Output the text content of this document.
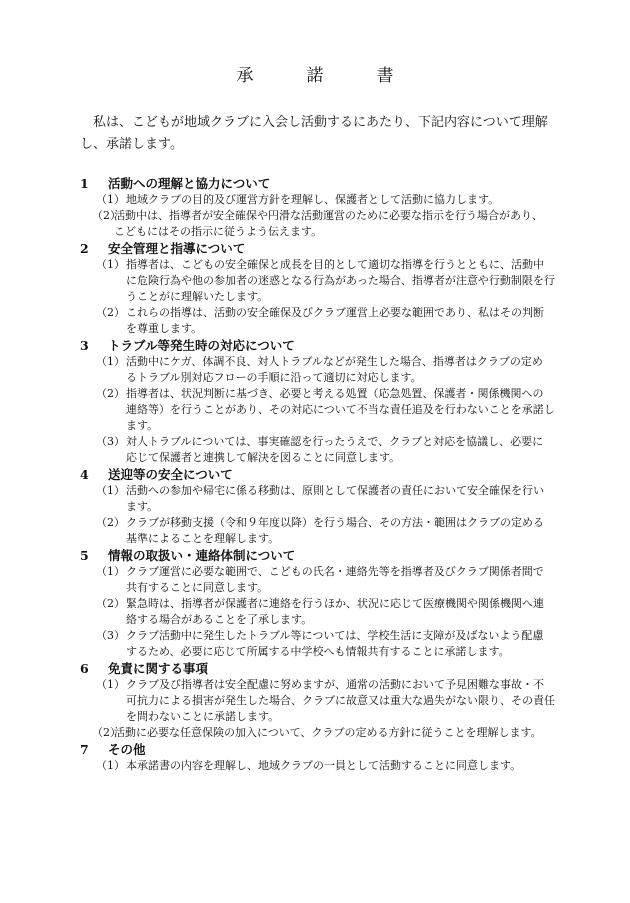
承　諾　書
私は、こどもが地域クラブに入会し活動するにあたり、下記内容について理解し、承諾します。
1	活動への理解と協力について
（1） 地域クラブの目的及び運営方針を理解し、保護者として活動に協力します。
（2）
活動中は、指導者が安全確保や円滑な活動運営のために必要な指示を行う場合があり、
こどもにはその指示に従うよう伝えます。
2	安全管理と指導について
（1） 指導者は、こどもの安全確保と成長を目的として適切な指導を行うとともに、活動中
に危険行為や他の参加者の迷惑となる行為があった場合、指導者が注意や行動制限を行
うことがに理解いたします。
（2） これらの指導は、活動の安全確保及びクラブ運営上必要な範囲であり、私はその判断
を尊重します。
3	トラブル等発生時の対応について
（1） 活動中にケガ、体調不良、対人トラブルなどが発生した場合、指導者はクラブの定め
るトラブル別対応フローの手順に沿って適切に対応します。
（2） 指導者は、状況判断に基づき、必要と考える処置（応急処置、保護者・関係機関への
連絡等）を行うことがあり、その対応について不当な責任追及を行わないことを承諾し
ます。
（3） 対人トラブルについては、事実確認を行ったうえで、クラブと対応を協議し、必要に
応じて保護者と連携して解決を図ることに同意します。
4	送迎等の安全について
（1） 活動への参加や帰宅に係る移動は、原則として保護者の責任において安全確保を行い
ます。
（2） クラブが移動支援（令和９年度以降）を行う場合、その方法・範囲はクラブの定める
基準によることを理解します。
5	情報の取扱い・連絡体制について
（1） クラブ運営に必要な範囲で、こどもの氏名・連絡先等を指導者及びクラブ関係者間で
共有することに同意します。
（2） 緊急時は、指導者が保護者に連絡を行うほか、状況に応じて医療機関や関係機関へ連
絡する場合があることを了承します。
（3） クラブ活動中に発生したトラブル等については、学校生活に支障が及ばないよう配慮
するため、必要に応じて所属する中学校へも情報共有することに承諾します。
6	免責に関する事項
（1） クラブ及び指導者は安全配慮に努めますが、通常の活動において予見困難な事故・不
可抗力による損害が発生した場合、クラブに故意又は重大な過失がない限り、その責任
を問わないことに承諾します。
（2）
活動に必要な任意保険の加入について、クラブの定める方針に従うことを理解します。
7	その他
（1） 本承諾書の内容を理解し、地域クラブの一員として活動することに同意します。
